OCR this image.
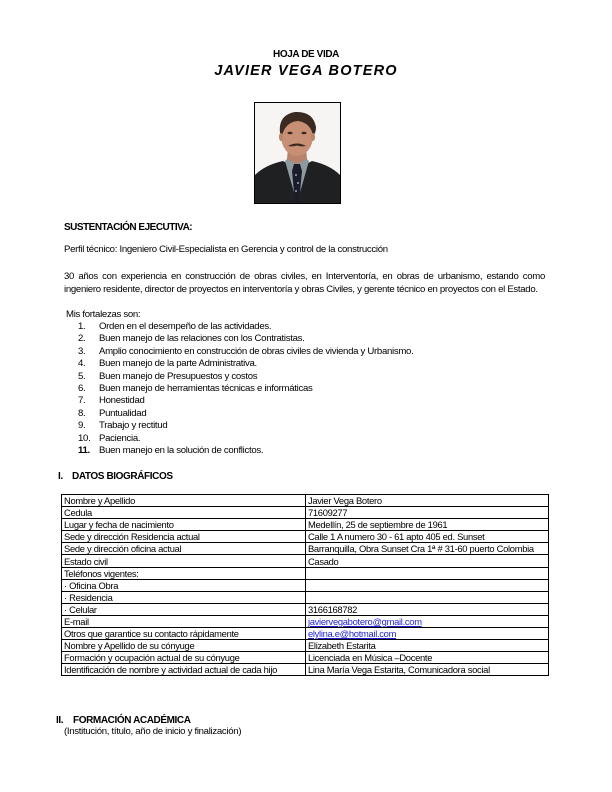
HOJA DE VIDA
JAVIER VEGA BOTERO
SUSTENTACIÓN EJECUTIVA:
Perfil técnico: Ingeniero Civil-Especialista en Gerencia y control de la construcción
30 años con experiencia en construcción de obras civiles, en Interventoría, en obras de urbanismo, estando como
ingeniero residente, director de proyectos en interventoría y obras Civiles, y gerente técnico en proyectos con el Estado.
Mis fortalezas son:
1. Orden en el desempeño de las actividades.
2. Buen manejo de las relaciones con los Contratistas.
3. Amplio conocimiento en construcción de obras civiles de vivienda y Urbanismo.
4. Buen manejo de la parte Administrativa.
5. Buen manejo de Presupuestos y costos
6. Buen manejo de herramientas técnicas e informáticas
7. Honestidad
8. Puntualidad
9. Trabajo y rectitud
10. Paciencia.
11. Buen manejo en la solución de conflictos.
I. DATOS BIOGRÁFICOS
Nombre y Apellido	Javier Vega Botero
Cedula	71609277
Lugar y fecha de nacimiento	Medellín, 25 de septiembre de 1961
Sede y dirección Residencia actual	Calle 1 A numero 30 - 61 apto 405 ed. Sunset
Sede y dirección oficina actual	Barranquilla, Obra Sunset Cra 1ª # 31-60 puerto Colombia
Estado civil	Casado
Teléfonos vigentes:	
· Oficina Obra	
· Residencia	
· Celular	3166168782
E-mail	javiervegabotero@gmail.com
Otros que garantice su contacto rápidamente	elylina.e@hotmail.com
Nombre y Apellido de su cónyuge	Elizabeth Estarita
Formación y ocupación actual de su cónyuge	Licenciada en Música –Docente
Identificación de nombre y actividad actual de cada hijo	Lina María Vega Estarita, Comunicadora social
II. FORMACIÓN ACADÉMICA
(Institución, título, año de inicio y finalización)
